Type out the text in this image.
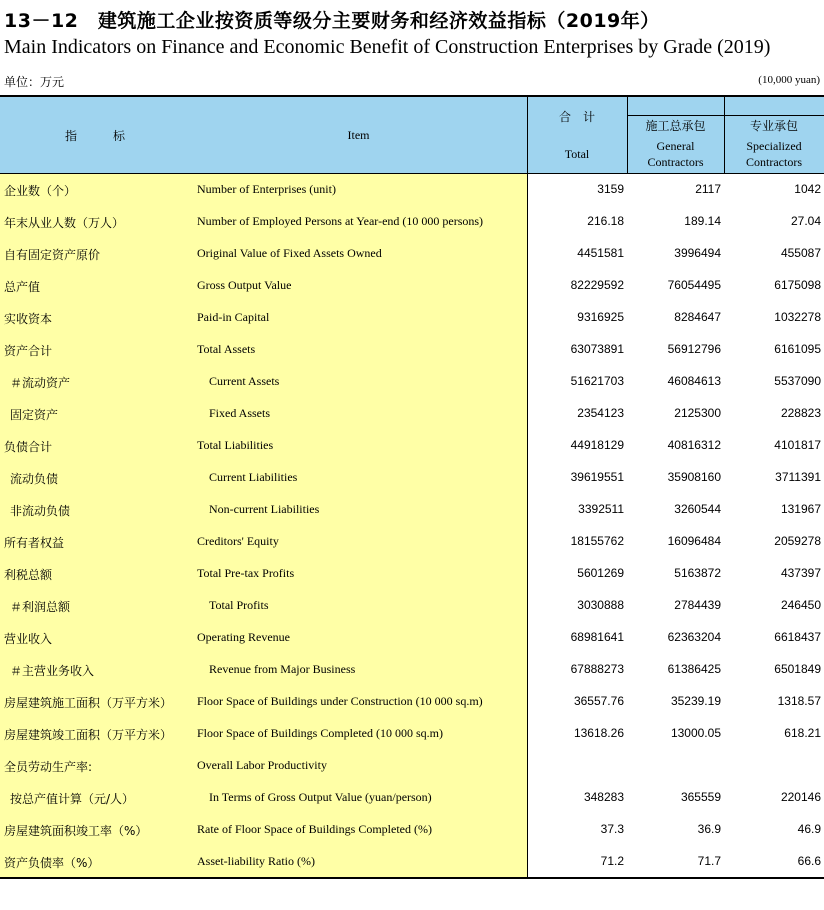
13－12　建筑施工企业按资质等级分主要财务和经济效益指标（2019年）
Main Indicators on Finance and Economic Benefit of Construction Enterprises by Grade (2019)
单位：万元	(10,000 yuan)
指　　　标	Item
合　计
Total
施工总承包
General
Contractors
专业承包
Specialized
Contractors
企业数（个）	Number of Enterprises (unit)	3159	2117	1042
年末从业人数（万人）	Number of Employed Persons at Year-end (10 000 persons)	216.18	189.14	27.04
自有固定资产原价	Original Value of Fixed Assets Owned	4451581	3996494	455087
总产值	Gross Output Value	82229592	76054495	6175098
实收资本	Paid-in Capital	9316925	8284647	1032278
资产合计	Total Assets	63073891	56912796	6161095
＃流动资产	Current Assets	51621703	46084613	5537090
固定资产	Fixed Assets	2354123	2125300	228823
负债合计	Total Liabilities	44918129	40816312	4101817
流动负债	Current Liabilities	39619551	35908160	3711391
非流动负债	Non-current Liabilities	3392511	3260544	131967
所有者权益	Creditors' Equity	18155762	16096484	2059278
利税总额	Total Pre-tax Profits	5601269	5163872	437397
＃利润总额	Total Profits	3030888	2784439	246450
营业收入	Operating Revenue	68981641	62363204	6618437
＃主营业务收入	Revenue from Major Business	67888273	61386425	6501849
房屋建筑施工面积（万平方米） Floor Space of Buildings under Construction (10 000 sq.m)	36557.76	35239.19	1318.57
房屋建筑竣工面积（万平方米） Floor Space of Buildings Completed (10 000 sq.m)	13618.26	13000.05	618.21
全员劳动生产率:	Overall Labor Productivity
按总产值计算（元/人）	In Terms of Gross Output Value (yuan/person)	348283	365559	220146
房屋建筑面积竣工率（%）	Rate of Floor Space of Buildings Completed (%)	37.3	36.9	46.9
资产负债率（%）	Asset-liability Ratio (%)	71.2	71.7	66.6
